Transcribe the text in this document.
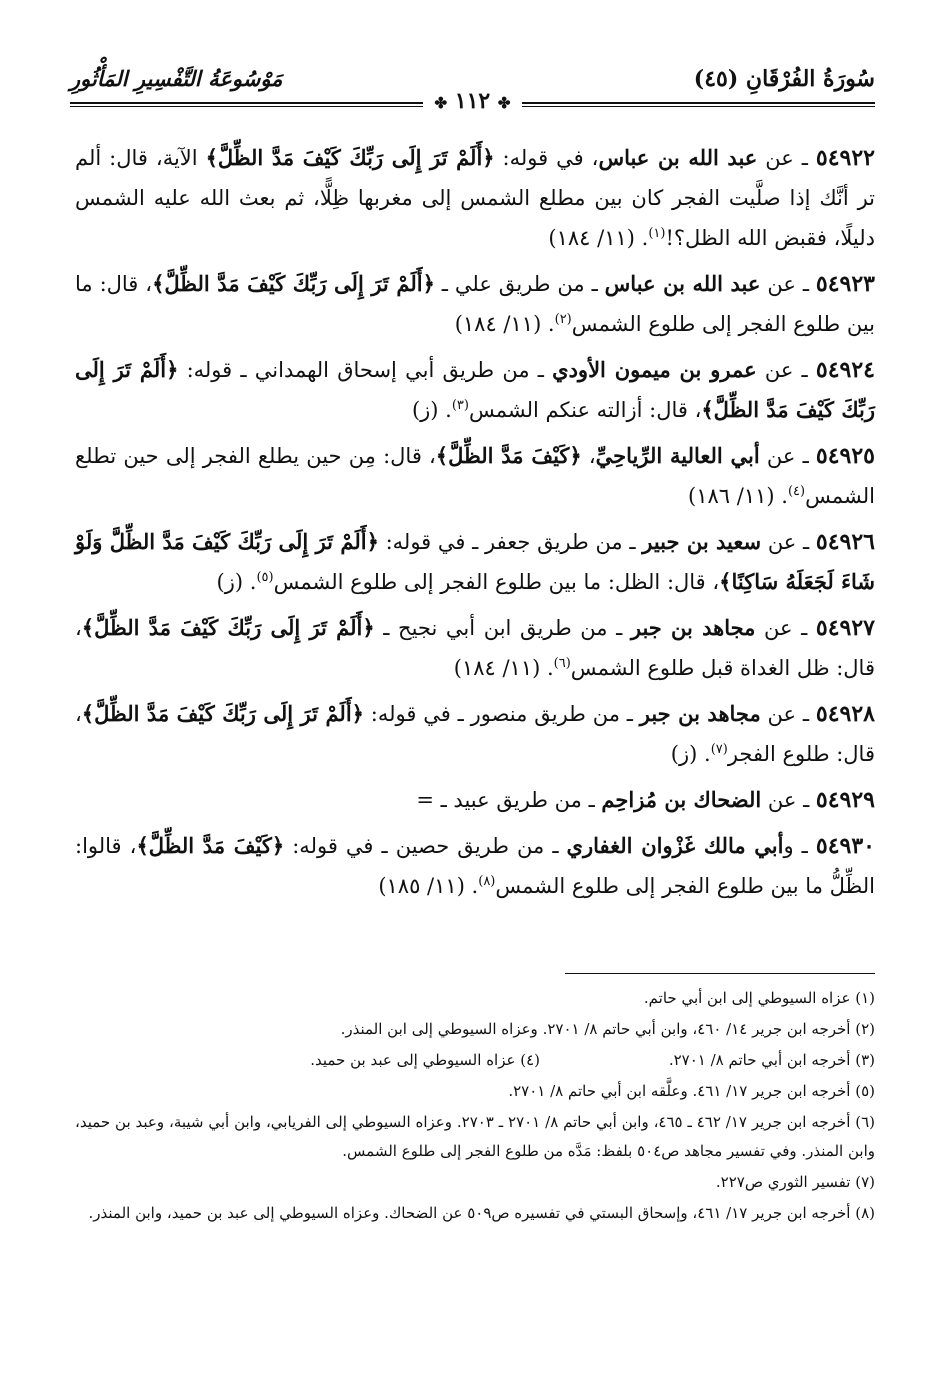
سُورَةُ الفُرْقَانِ (٤٥)
مَوْسُوعَةُ التَّفْسِيرِ المَأْثُورِ
✤ ١١٢ ✤

٥٤٩٢٢ ـ عن عبد الله بن عباس، في قوله: ﴿أَلَمْ تَرَ إِلَى رَبِّكَ كَيْفَ مَدَّ الظِّلَّ﴾ الآية، قال: ألم تر أنَّك إذا صلَّيت الفجر كان بين مطلع الشمس إلى مغربها ظِلًّا، ثم بعث الله عليه الشمس دليلًا، فقبض الله الظل؟!$^{(١)}$. (١١/ ١٨٤)

٥٤٩٢٣ ـ عن عبد الله بن عباس ـ من طريق علي ـ ﴿أَلَمْ تَرَ إِلَى رَبِّكَ كَيْفَ مَدَّ الظِّلَّ﴾، قال: ما بين طلوع الفجر إلى طلوع الشمس$^{(٢)}$. (١١/ ١٨٤)

٥٤٩٢٤ ـ عن عمرو بن ميمون الأودي ـ من طريق أبي إسحاق الهمداني ـ قوله: ﴿أَلَمْ تَرَ إِلَى رَبِّكَ كَيْفَ مَدَّ الظِّلَّ﴾، قال: أزالته عنكم الشمس$^{(٣)}$. (ز)

٥٤٩٢٥ ـ عن أبي العالية الرِّياحِيِّ، ﴿كَيْفَ مَدَّ الظِّلَّ﴾، قال: مِن حين يطلع الفجر إلى حين تطلع الشمس$^{(٤)}$. (١١/ ١٨٦)

٥٤٩٢٦ ـ عن سعيد بن جبير ـ من طريق جعفر ـ في قوله: ﴿أَلَمْ تَرَ إِلَى رَبِّكَ كَيْفَ مَدَّ الظِّلَّ وَلَوْ شَاءَ لَجَعَلَهُ سَاكِنًا﴾، قال: الظل: ما بين طلوع الفجر إلى طلوع الشمس$^{(٥)}$. (ز)

٥٤٩٢٧ ـ عن مجاهد بن جبر ـ من طريق ابن أبي نجيح ـ ﴿أَلَمْ تَرَ إِلَى رَبِّكَ كَيْفَ مَدَّ الظِّلَّ﴾، قال: ظل الغداة قبل طلوع الشمس$^{(٦)}$. (١١/ ١٨٤)

٥٤٩٢٨ ـ عن مجاهد بن جبر ـ من طريق منصور ـ في قوله: ﴿أَلَمْ تَرَ إِلَى رَبِّكَ كَيْفَ مَدَّ الظِّلَّ﴾، قال: طلوع الفجر$^{(٧)}$. (ز)

٥٤٩٢٩ ـ عن الضحاك بن مُزاحِم ـ من طريق عبيد ـ =

٥٤٩٣٠ ـ وأبي مالك غَزْوان الغفاري ـ من طريق حصين ـ في قوله: ﴿كَيْفَ مَدَّ الظِّلَّ﴾، قالوا: الظِّلُّ ما بين طلوع الفجر إلى طلوع الشمس$^{(٨)}$. (١١/ ١٨٥)

(١) عزاه السيوطي إلى ابن أبي حاتم.

(٢) أخرجه ابن جرير ١٤/ ٤٦٠، وابن أبي حاتم ٨/ ٢٧٠١. وعزاه السيوطي إلى ابن المنذر.

(٣) أخرجه ابن أبي حاتم ٨/ ٢٧٠١.
(٤) عزاه السيوطي إلى عبد بن حميد.

(٥) أخرجه ابن جرير ١٧/ ٤٦١. وعلَّقه ابن أبي حاتم ٨/ ٢٧٠١.

(٦) أخرجه ابن جرير ١٧/ ٤٦٢ ـ ٤٦٥، وابن أبي حاتم ٨/ ٢٧٠١ ـ ٢٧٠٣. وعزاه السيوطي إلى الفريابي، وابن أبي شيبة، وعبد بن حميد، وابن المنذر. وفي تفسير مجاهد ص٥٠٤ بلفظ: مَدَّه من طلوع الفجر إلى طلوع الشمس.

(٧) تفسير الثوري ص٢٢٧.

(٨) أخرجه ابن جرير ١٧/ ٤٦١، وإسحاق البستي في تفسيره ص٥٠٩ عن الضحاك. وعزاه السيوطي إلى عبد بن حميد، وابن المنذر.
